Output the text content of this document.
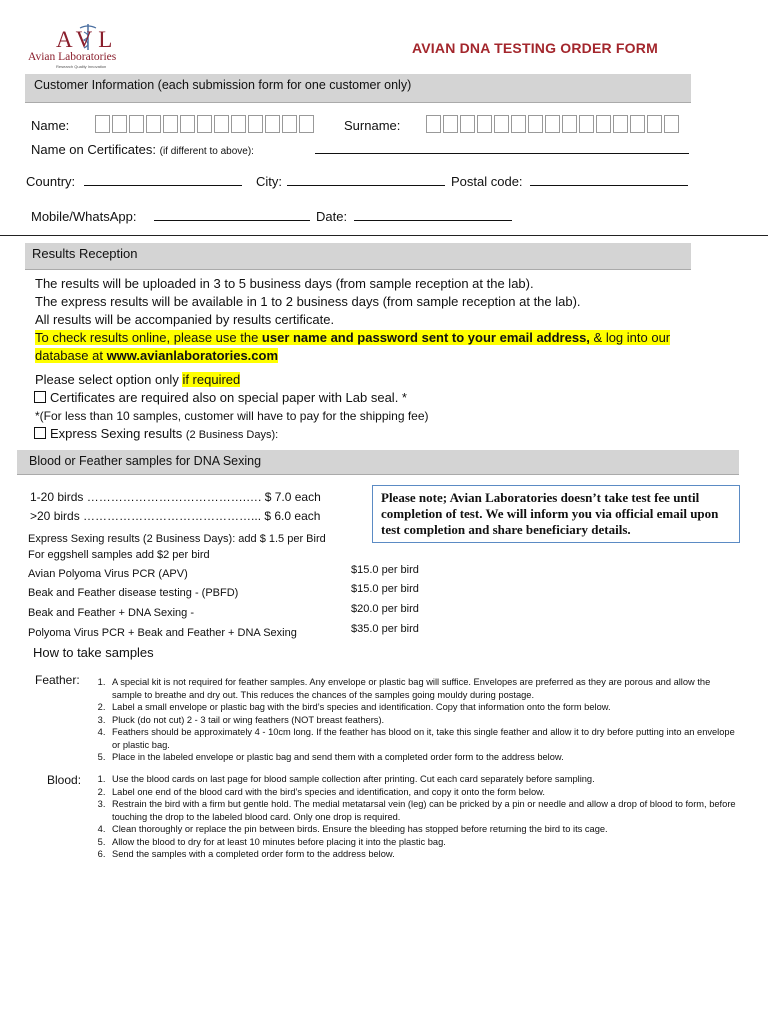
AVL
Avian Laboratories
Research Quality Innovation
AVIAN DNA TESTING ORDER FORM
Customer Information (each submission form for one customer only)
Name:	Surname:
Name on Certificates: (if different to above):
Country:	City:	Postal code:
Mobile/WhatsApp:	Date:
Results Reception

The results will be uploaded in 3 to 5 business days (from sample reception at the lab).

The express results will be available in 1 to 2 business days (from sample reception at the lab).

All results will be accompanied by results certificate.

To check results online, please use the user name and password sent to your email address, & log into our database at www.avianlaboratories.com

Please select option only if required

Certificates are required also on special paper with Lab seal. *

*(For less than 10 samples, customer will have to pay for the shipping fee)

Express Sexing results (2 Business Days):

Blood or Feather samples for DNA Sexing
1-20 birds ………………………………….…. $ 7.0 each
>20 birds ……………………………………... $ 6.0 each
Express Sexing results (2 Business Days): add $ 1.5 per Bird
For eggshell samples add $2 per bird
Please note; Avian Laboratories doesn’t take test fee until completion of test. We will inform you via official email upon test completion and share beneficiary details.
Avian Polyoma Virus PCR (APV)	$15.0 per bird
Beak and Feather disease testing - (PBFD)	$15.0 per bird
Beak and Feather + DNA Sexing -	$20.0 per bird
Polyoma Virus PCR + Beak and Feather + DNA Sexing	$35.0 per bird
How to take samples
Feather:	1. A special kit is not required for feather samples. Any envelope or plastic bag will suffice. Envelopes are preferred as they are porous and allow the sample to breathe and dry out. This reduces the chances of the samples going mouldy during postage.
2. Label a small envelope or plastic bag with the bird’s species and identification. Copy that information onto the form below.
3. Pluck (do not cut) 2 - 3 tail or wing feathers (NOT breast feathers).
4. Feathers should be approximately 4 - 10cm long. If the feather has blood on it, take this single feather and allow it to dry before putting into an envelope or plastic bag.
5. Place in the labeled envelope or plastic bag and send them with a completed order form to the address below.
Blood:	1. Use the blood cards on last page for blood sample collection after printing. Cut each card separately before sampling.
2. Label one end of the blood card with the bird’s species and identification, and copy it onto the form below.
3. Restrain the bird with a firm but gentle hold. The medial metatarsal vein (leg) can be pricked by a pin or needle and allow a drop of blood to form, before touching the drop to the labeled blood card. Only one drop is required.
4. Clean thoroughly or replace the pin between birds. Ensure the bleeding has stopped before returning the bird to its cage.
5. Allow the blood to dry for at least 10 minutes before placing it into the plastic bag.
6. Send the samples with a completed order form to the address below.
